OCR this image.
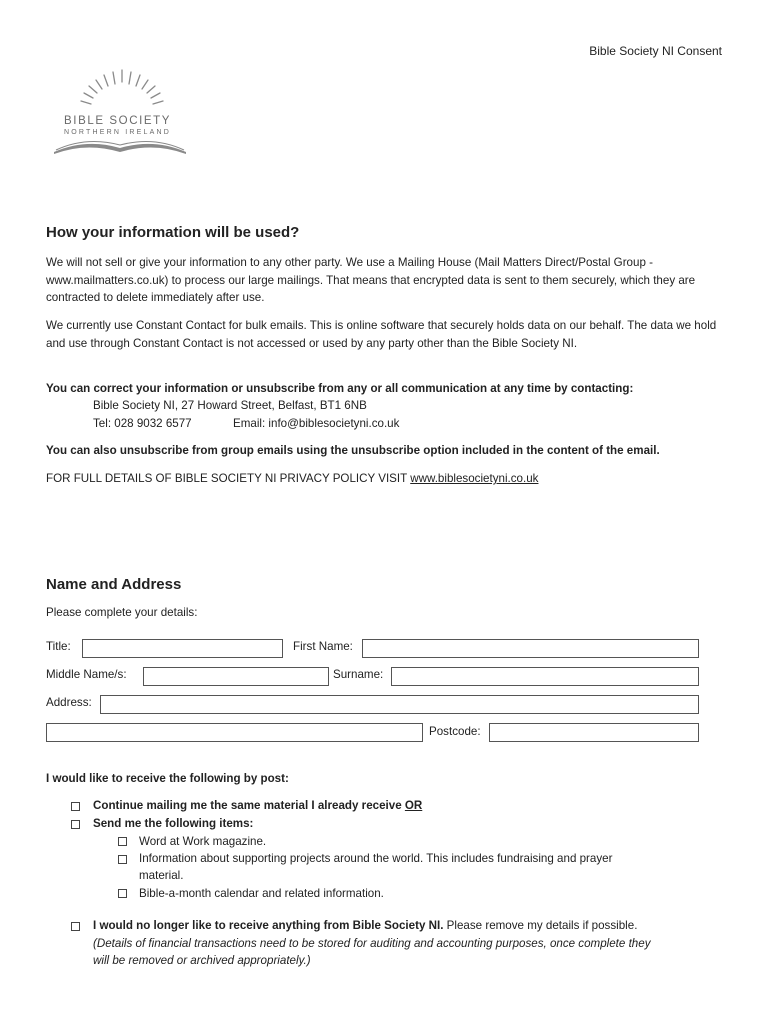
Bible Society NI Consent
BIBLE SOCIETY
NORTHERN IRELAND
How your information will be used?

We will not sell or give your information to any other party. We use a Mailing House (Mail Matters Direct/Postal Group - www.mailmatters.co.uk) to process our large mailings. That means that encrypted data is sent to them securely, which they are contracted to delete immediately after use.

We currently use Constant Contact for bulk emails. This is online software that securely holds data on our behalf. The data we hold and use through Constant Contact is not accessed or used by any party other than the Bible Society NI.

You can correct your information or unsubscribe from any or all communication at any time by contacting:

Bible Society NI, 27 Howard Street, Belfast, BT1 6NB

Tel: 028 9032 6577	Email: info@biblesocietyni.co.uk

You can also unsubscribe from group emails using the unsubscribe option included in the content of the email.

FOR FULL DETAILS OF BIBLE SOCIETY NI PRIVACY POLICY VISIT www.biblesocietyni.co.uk

Name and Address

Please complete your details:

Title:	First Name:
Middle Name/s:	Surname:
Address:
Postcode:

I would like to receive the following by post:

Continue mailing me the same material I already receive OR
Send me the following items:
Word at Work magazine.
Information about supporting projects around the world. This includes fundraising and prayer
material.
Bible-a-month calendar and related information.
I would no longer like to receive anything from Bible Society NI. Please remove my details if possible.
(Details of financial transactions need to be stored for auditing and accounting purposes, once complete they
will be removed or archived appropriately.)
